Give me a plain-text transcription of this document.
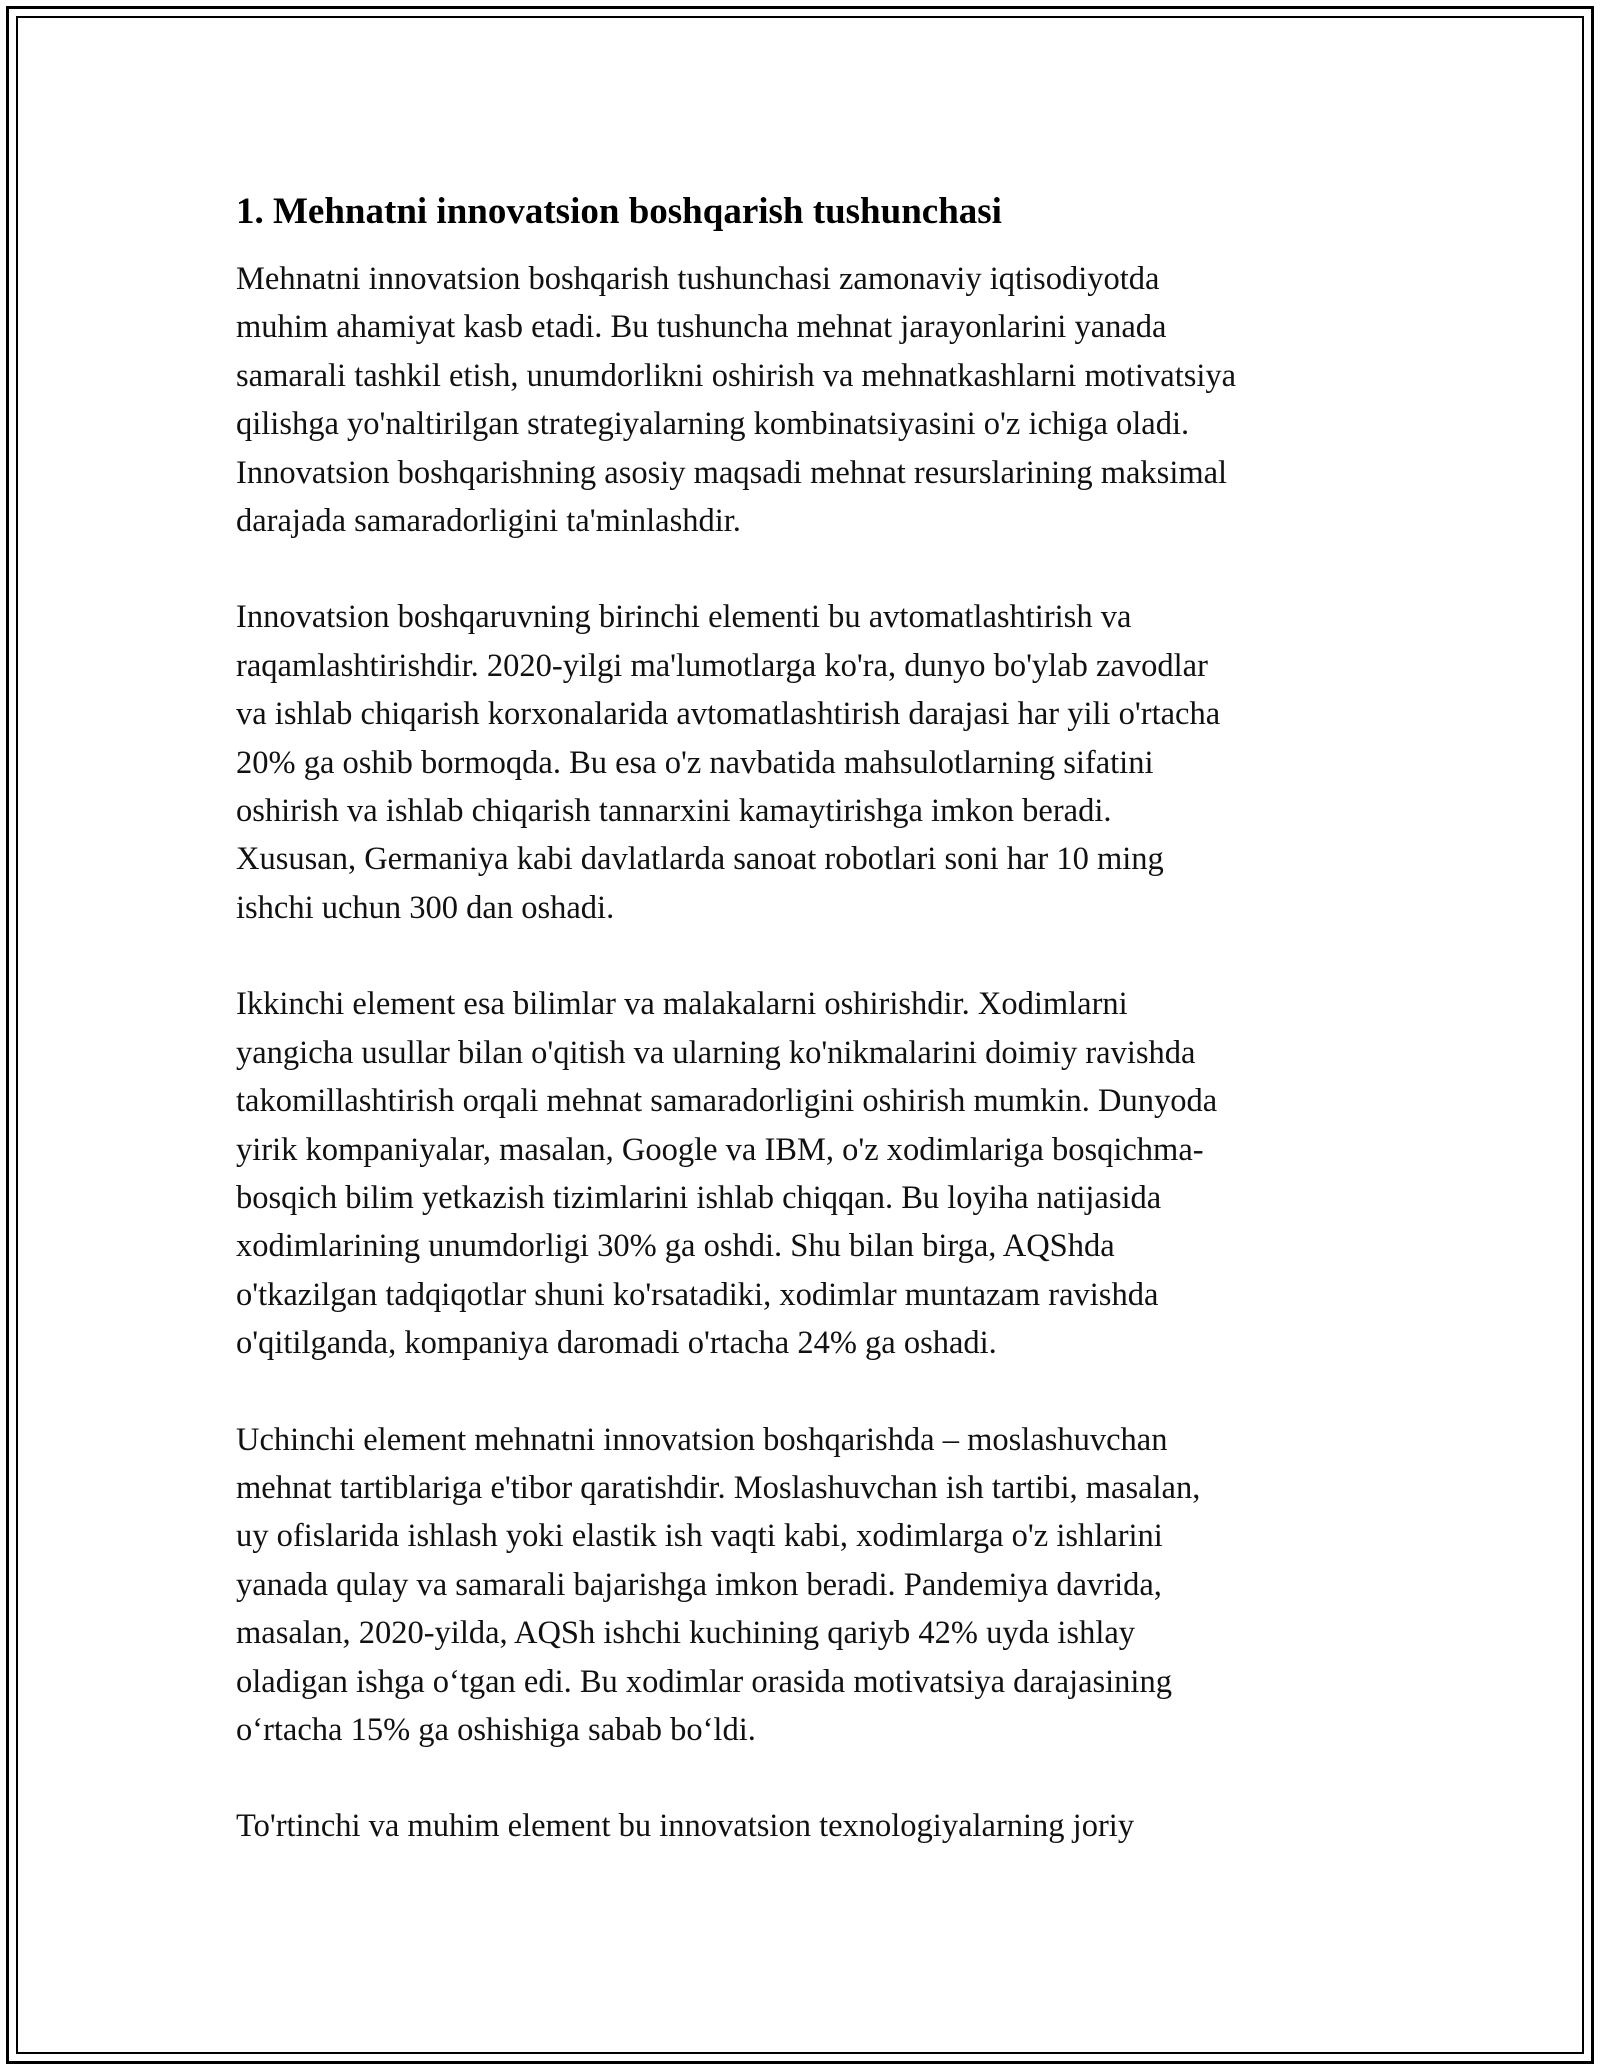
1. Mehnatni innovatsion boshqarish tushunchasi

Mehnatni innovatsion boshqarish tushunchasi zamonaviy iqtisodiyotda
muhim ahamiyat kasb etadi. Bu tushuncha mehnat jarayonlarini yanada
samarali tashkil etish, unumdorlikni oshirish va mehnatkashlarni motivatsiya
qilishga yo'naltirilgan strategiyalarning kombinatsiyasini o'z ichiga oladi.
Innovatsion boshqarishning asosiy maqsadi mehnat resurslarining maksimal
darajada samaradorligini ta'minlashdir.

Innovatsion boshqaruvning birinchi elementi bu avtomatlashtirish va
raqamlashtirishdir. 2020-yilgi ma'lumotlarga ko'ra, dunyo bo'ylab zavodlar
va ishlab chiqarish korxonalarida avtomatlashtirish darajasi har yili o'rtacha
20% ga oshib bormoqda. Bu esa o'z navbatida mahsulotlarning sifatini
oshirish va ishlab chiqarish tannarxini kamaytirishga imkon beradi.
Xususan, Germaniya kabi davlatlarda sanoat robotlari soni har 10 ming
ishchi uchun 300 dan oshadi.

Ikkinchi element esa bilimlar va malakalarni oshirishdir. Xodimlarni
yangicha usullar bilan o'qitish va ularning ko'nikmalarini doimiy ravishda
takomillashtirish orqali mehnat samaradorligini oshirish mumkin. Dunyoda
yirik kompaniyalar, masalan, Google va IBM, o'z xodimlariga bosqichma-
bosqich bilim yetkazish tizimlarini ishlab chiqqan. Bu loyiha natijasida
xodimlarining unumdorligi 30% ga oshdi. Shu bilan birga, AQShda
o'tkazilgan tadqiqotlar shuni ko'rsatadiki, xodimlar muntazam ravishda
o'qitilganda, kompaniya daromadi o'rtacha 24% ga oshadi.

Uchinchi element mehnatni innovatsion boshqarishda – moslashuvchan
mehnat tartiblariga e'tibor qaratishdir. Moslashuvchan ish tartibi, masalan,
uy ofislarida ishlash yoki elastik ish vaqti kabi, xodimlarga o'z ishlarini
yanada qulay va samarali bajarishga imkon beradi. Pandemiya davrida,
masalan, 2020-yilda, AQSh ishchi kuchining qariyb 42% uyda ishlay
oladigan ishga o‘tgan edi. Bu xodimlar orasida motivatsiya darajasining
o‘rtacha 15% ga oshishiga sabab bo‘ldi.

To'rtinchi va muhim element bu innovatsion texnologiyalarning joriy
